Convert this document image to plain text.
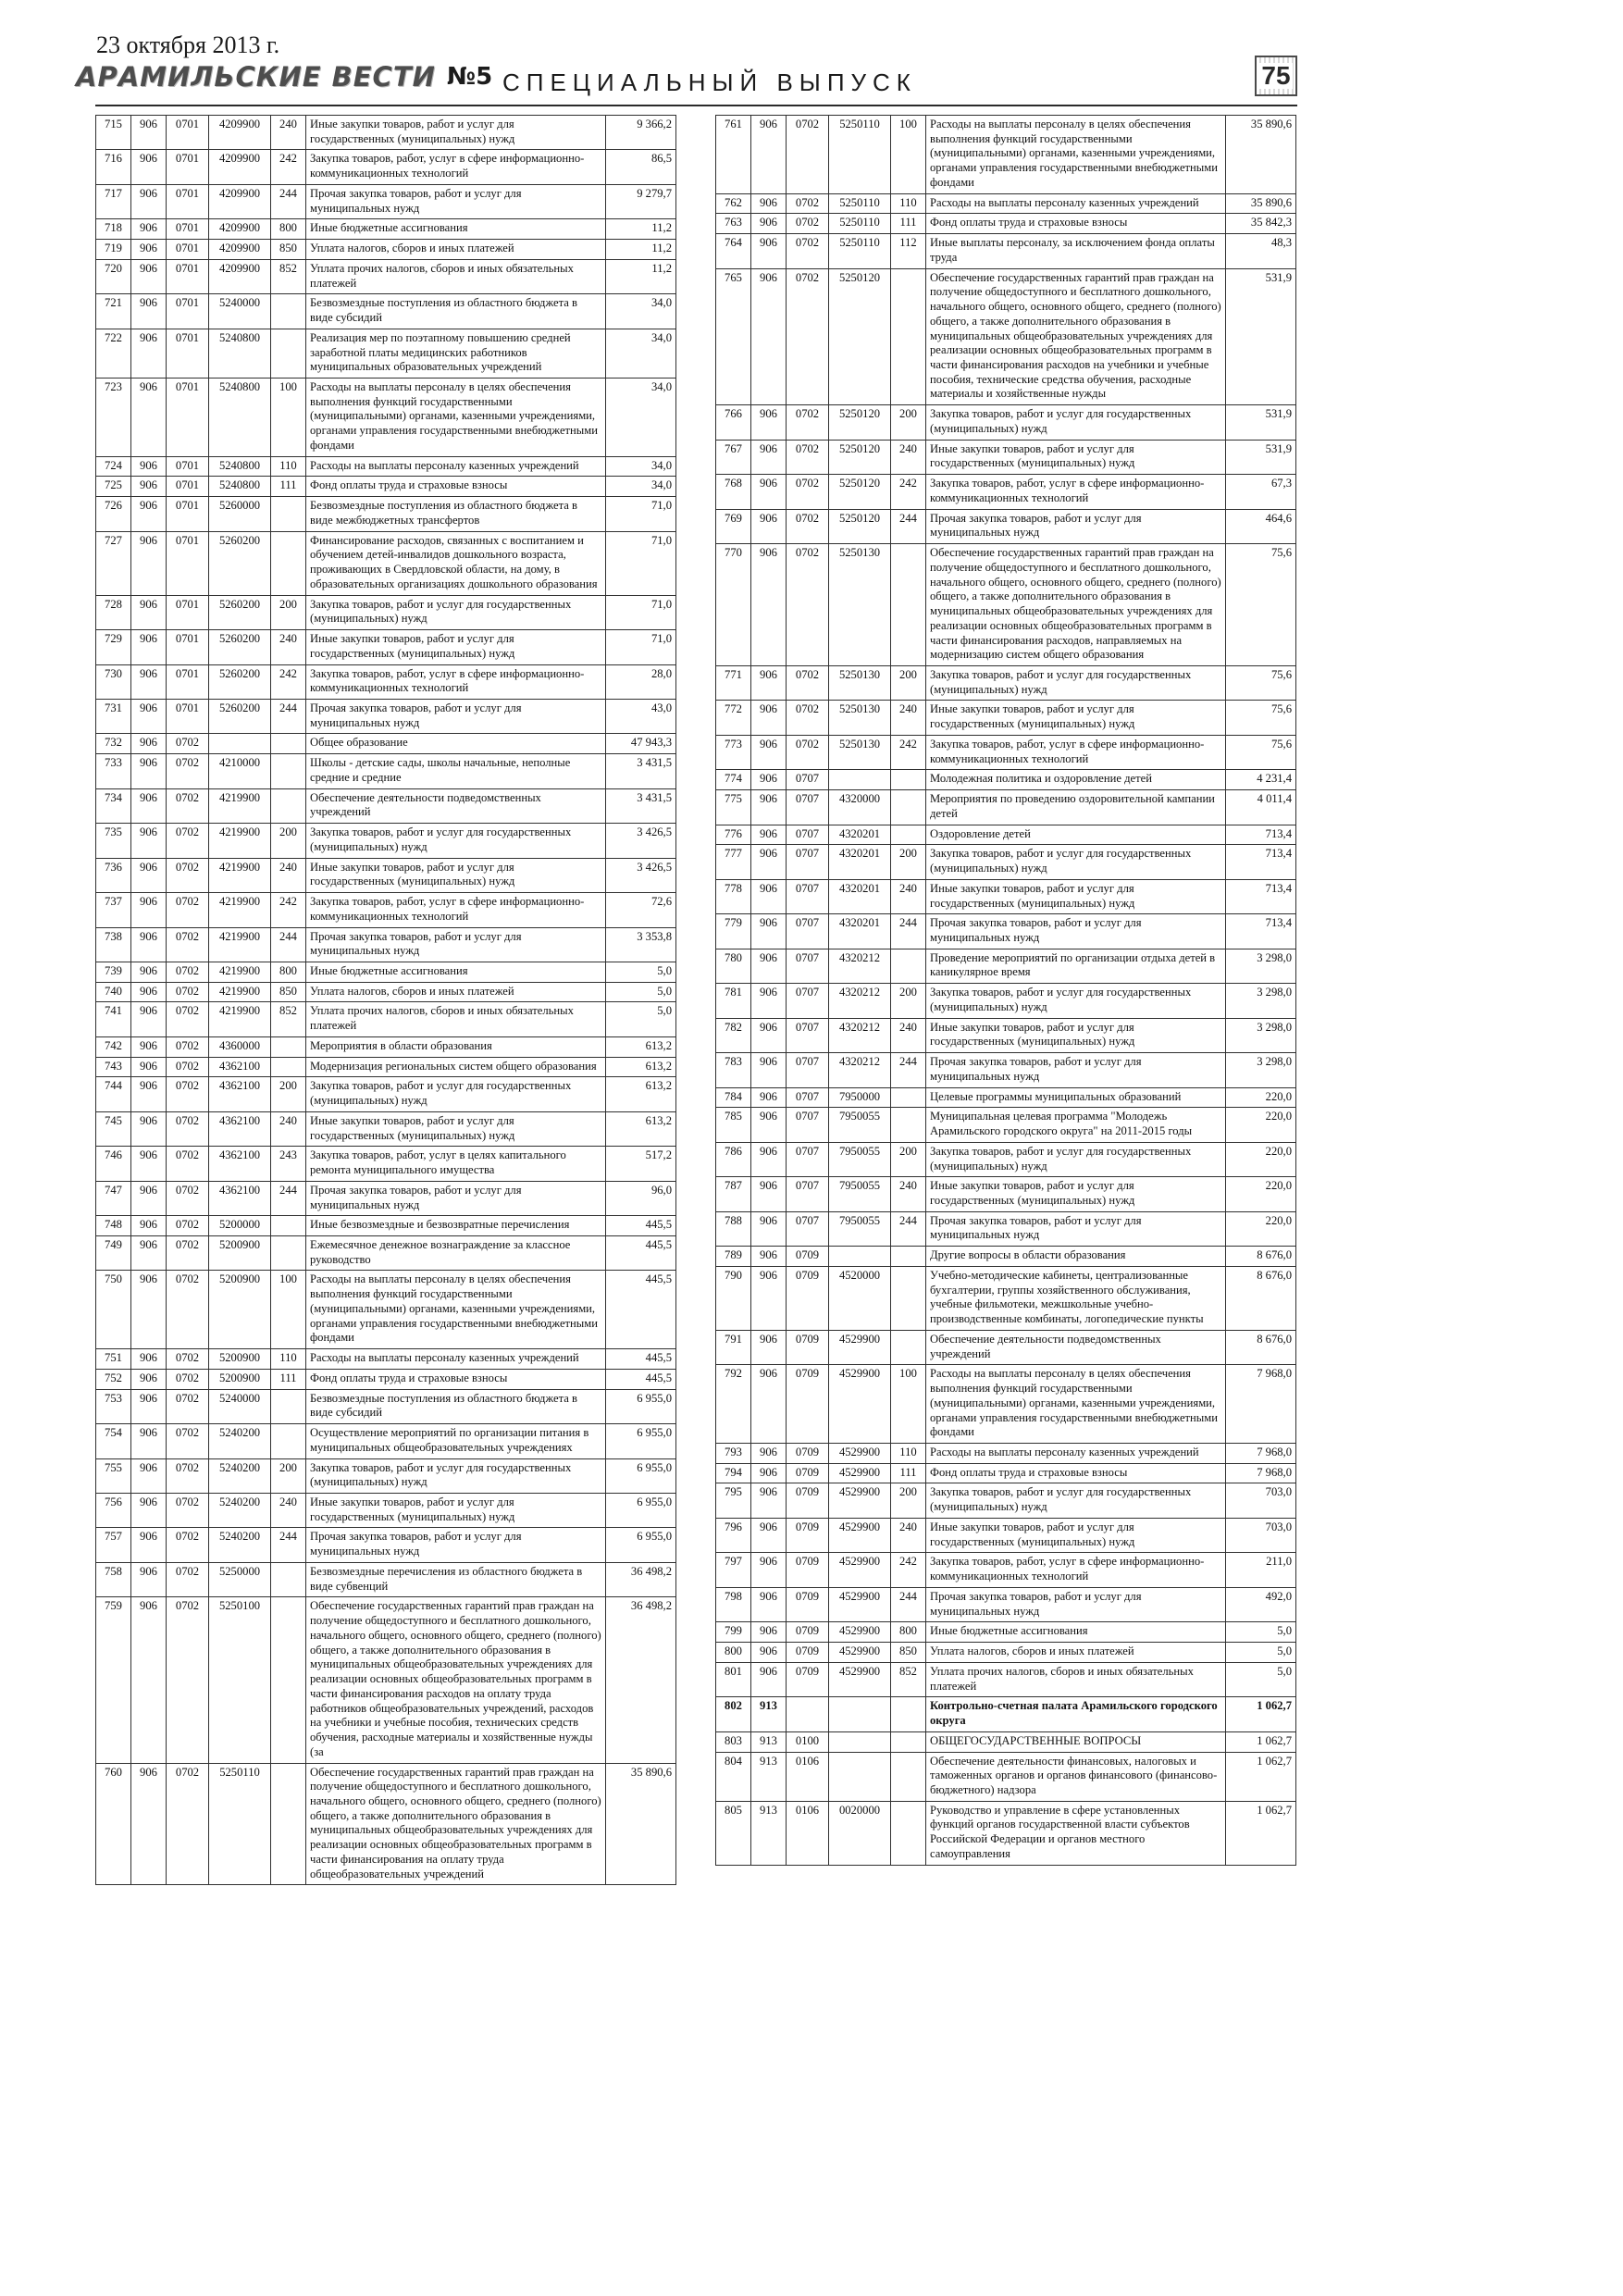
23 октября 2013 г.
АРАМИЛЬСКИЕ ВЕСТИ №5 СПЕЦИАЛЬНЫЙ ВЫПУСК	75
715	906	0701	4209900	240	Иные закупки товаров, работ и услуг для государственных (муниципальных) нужд	9 366,2
716	906	0701	4209900	242	Закупка товаров, работ, услуг в сфере информационно-коммуникационных технологий	86,5
717	906	0701	4209900	244	Прочая закупка товаров, работ и услуг для муниципальных нужд	9 279,7
718	906	0701	4209900	800	Иные бюджетные ассигнования	11,2
719	906	0701	4209900	850	Уплата налогов, сборов и иных платежей	11,2
720	906	0701	4209900	852	Уплата прочих налогов, сборов и иных обязательных платежей	11,2
721	906	0701	5240000		Безвозмездные поступления из областного бюджета в виде субсидий	34,0
722	906	0701	5240800		Реализация мер по поэтапному повышению средней заработной платы медицинских работников муниципальных образовательных учреждений	34,0
723	906	0701	5240800	100	Расходы на выплаты персоналу в целях обеспечения выполнения функций государственными (муниципальными) органами, казенными учреждениями, органами управления государственными внебюджетными фондами	34,0
724	906	0701	5240800	110	Расходы на выплаты персоналу казенных учреждений	34,0
725	906	0701	5240800	111	Фонд оплаты труда и страховые взносы	34,0
726	906	0701	5260000		Безвозмездные поступления из областного бюджета в виде межбюджетных трансфертов	71,0
727	906	0701	5260200		Финансирование расходов, связанных с воспитанием и обучением детей-инвалидов дошкольного возраста, проживающих в Свердловской области, на дому, в образовательных организациях дошкольного образования	71,0
728	906	0701	5260200	200	Закупка товаров, работ и услуг для государственных (муниципальных) нужд	71,0
729	906	0701	5260200	240	Иные закупки товаров, работ и услуг для государственных (муниципальных) нужд	71,0
730	906	0701	5260200	242	Закупка товаров, работ, услуг в сфере информационно-коммуникационных технологий	28,0
731	906	0701	5260200	244	Прочая закупка товаров, работ и услуг для муниципальных нужд	43,0
732	906	0702			Общее образование	47 943,3
733	906	0702	4210000		Школы - детские сады, школы начальные, неполные средние и средние	3 431,5
734	906	0702	4219900		Обеспечение деятельности подведомственных учреждений	3 431,5
735	906	0702	4219900	200	Закупка товаров, работ и услуг для государственных (муниципальных) нужд	3 426,5
736	906	0702	4219900	240	Иные закупки товаров, работ и услуг для государственных (муниципальных) нужд	3 426,5
737	906	0702	4219900	242	Закупка товаров, работ, услуг в сфере информационно-коммуникационных технологий	72,6
738	906	0702	4219900	244	Прочая закупка товаров, работ и услуг для муниципальных нужд	3 353,8
739	906	0702	4219900	800	Иные бюджетные ассигнования	5,0
740	906	0702	4219900	850	Уплата налогов, сборов и иных платежей	5,0
741	906	0702	4219900	852	Уплата прочих налогов, сборов и иных обязательных платежей	5,0
742	906	0702	4360000		Мероприятия в области образования	613,2
743	906	0702	4362100		Модернизация региональных систем общего образования	613,2
744	906	0702	4362100	200	Закупка товаров, работ и услуг для государственных (муниципальных) нужд	613,2
745	906	0702	4362100	240	Иные закупки товаров, работ и услуг для государственных (муниципальных) нужд	613,2
746	906	0702	4362100	243	Закупка товаров, работ, услуг в целях капитального ремонта муниципального имущества	517,2
747	906	0702	4362100	244	Прочая закупка товаров, работ и услуг для муниципальных нужд	96,0
748	906	0702	5200000		Иные безвозмездные и безвозвратные перечисления	445,5
749	906	0702	5200900		Ежемесячное денежное вознаграждение за классное руководство	445,5
750	906	0702	5200900	100	Расходы на выплаты персоналу в целях обеспечения выполнения функций государственными (муниципальными) органами, казенными учреждениями, органами управления государственными внебюджетными фондами	445,5
751	906	0702	5200900	110	Расходы на выплаты персоналу казенных учреждений	445,5
752	906	0702	5200900	111	Фонд оплаты труда и страховые взносы	445,5
753	906	0702	5240000		Безвозмездные поступления из областного бюджета в виде субсидий	6 955,0
754	906	0702	5240200		Осуществление мероприятий по организации питания в муниципальных общеобразовательных учреждениях	6 955,0
755	906	0702	5240200	200	Закупка товаров, работ и услуг для государственных (муниципальных) нужд	6 955,0
756	906	0702	5240200	240	Иные закупки товаров, работ и услуг для государственных (муниципальных) нужд	6 955,0
757	906	0702	5240200	244	Прочая закупка товаров, работ и услуг для муниципальных нужд	6 955,0
758	906	0702	5250000		Безвозмездные перечисления из областного бюджета в виде субвенций	36 498,2
759	906	0702	5250100		Обеспечение государственных гарантий прав граждан на получение общедоступного и бесплатного дошкольного, начального общего, основного общего, среднего (полного) общего, а также дополнительного образования в муниципальных общеобразовательных учреждениях для реализации основных общеобразовательных программ в части финансирования расходов на оплату труда работников общеобразовательных учреждений, расходов на учебники и учебные пособия, технических средств обучения, расходные материалы и хозяйственные нужды (за	36 498,2
760	906	0702	5250110		Обеспечение государственных гарантий прав граждан на получение общедоступного и бесплатного дошкольного, начального общего, основного общего, среднего (полного) общего, а также дополнительного образования в муниципальных общеобразовательных учреждениях для реализации основных общеобразовательных программ в части финансирования на оплату труда общеобразовательных учреждений	35 890,6
761	906	0702	5250110	100	Расходы на выплаты персоналу в целях обеспечения выполнения функций государственными (муниципальными) органами, казенными учреждениями, органами управления государственными внебюджетными фондами	35 890,6
762	906	0702	5250110	110	Расходы на выплаты персоналу казенных учреждений	35 890,6
763	906	0702	5250110	111	Фонд оплаты труда и страховые взносы	35 842,3
764	906	0702	5250110	112	Иные выплаты персоналу, за исключением фонда оплаты труда	48,3
765	906	0702	5250120		Обеспечение государственных гарантий прав граждан на получение общедоступного и бесплатного дошкольного, начального общего, основного общего, среднего (полного) общего, а также дополнительного образования в муниципальных общеобразовательных учреждениях для реализации основных общеобразовательных программ в части финансирования расходов на учебники и учебные пособия, технические средства обучения, расходные материалы и хозяйственные нужды	531,9
766	906	0702	5250120	200	Закупка товаров, работ и услуг для государственных (муниципальных) нужд	531,9
767	906	0702	5250120	240	Иные закупки товаров, работ и услуг для государственных (муниципальных) нужд	531,9
768	906	0702	5250120	242	Закупка товаров, работ, услуг в сфере информационно-коммуникационных технологий	67,3
769	906	0702	5250120	244	Прочая закупка товаров, работ и услуг для муниципальных нужд	464,6
770	906	0702	5250130		Обеспечение государственных гарантий прав граждан на получение общедоступного и бесплатного дошкольного, начального общего, основного общего, среднего (полного) общего, а также дополнительного образования в муниципальных общеобразовательных учреждениях для реализации основных общеобразовательных программ в части финансирования расходов, направляемых на модернизацию систем общего образования	75,6
771	906	0702	5250130	200	Закупка товаров, работ и услуг для государственных (муниципальных) нужд	75,6
772	906	0702	5250130	240	Иные закупки товаров, работ и услуг для государственных (муниципальных) нужд	75,6
773	906	0702	5250130	242	Закупка товаров, работ, услуг в сфере информационно-коммуникационных технологий	75,6
774	906	0707			Молодежная политика и оздоровление детей	4 231,4
775	906	0707	4320000		Мероприятия по проведению оздоровительной кампании детей	4 011,4
776	906	0707	4320201		Оздоровление детей	713,4
777	906	0707	4320201	200	Закупка товаров, работ и услуг для государственных (муниципальных) нужд	713,4
778	906	0707	4320201	240	Иные закупки товаров, работ и услуг для государственных (муниципальных) нужд	713,4
779	906	0707	4320201	244	Прочая закупка товаров, работ и услуг для муниципальных нужд	713,4
780	906	0707	4320212		Проведение мероприятий по организации отдыха детей в каникулярное время	3 298,0
781	906	0707	4320212	200	Закупка товаров, работ и услуг для государственных (муниципальных) нужд	3 298,0
782	906	0707	4320212	240	Иные закупки товаров, работ и услуг для государственных (муниципальных) нужд	3 298,0
783	906	0707	4320212	244	Прочая закупка товаров, работ и услуг для муниципальных нужд	3 298,0
784	906	0707	7950000		Целевые программы муниципальных образований	220,0
785	906	0707	7950055		Муниципальная целевая программа "Молодежь Арамильского городского округа" на 2011-2015 годы	220,0
786	906	0707	7950055	200	Закупка товаров, работ и услуг для государственных (муниципальных) нужд	220,0
787	906	0707	7950055	240	Иные закупки товаров, работ и услуг для государственных (муниципальных) нужд	220,0
788	906	0707	7950055	244	Прочая закупка товаров, работ и услуг для муниципальных нужд	220,0
789	906	0709			Другие вопросы в области образования	8 676,0
790	906	0709	4520000		Учебно-методические кабинеты, централизованные бухгалтерии, группы хозяйственного обслуживания, учебные фильмотеки, межшкольные учебно-производственные комбинаты, логопедические пункты	8 676,0
791	906	0709	4529900		Обеспечение деятельности подведомственных учреждений	8 676,0
792	906	0709	4529900	100	Расходы на выплаты персоналу в целях обеспечения выполнения функций государственными (муниципальными) органами, казенными учреждениями, органами управления государственными внебюджетными фондами	7 968,0
793	906	0709	4529900	110	Расходы на выплаты персоналу казенных учреждений	7 968,0
794	906	0709	4529900	111	Фонд оплаты труда и страховые взносы	7 968,0
795	906	0709	4529900	200	Закупка товаров, работ и услуг для государственных (муниципальных) нужд	703,0
796	906	0709	4529900	240	Иные закупки товаров, работ и услуг для государственных (муниципальных) нужд	703,0
797	906	0709	4529900	242	Закупка товаров, работ, услуг в сфере информационно-коммуникационных технологий	211,0
798	906	0709	4529900	244	Прочая закупка товаров, работ и услуг для муниципальных нужд	492,0
799	906	0709	4529900	800	Иные бюджетные ассигнования	5,0
800	906	0709	4529900	850	Уплата налогов, сборов и иных платежей	5,0
801	906	0709	4529900	852	Уплата прочих налогов, сборов и иных обязательных платежей	5,0
802	913				Контрольно-счетная палата Арамильского городского округа	1 062,7
803	913	0100			ОБЩЕГОСУДАРСТВЕННЫЕ ВОПРОСЫ	1 062,7
804	913	0106			Обеспечение деятельности финансовых, налоговых и таможенных органов и органов финансового (финансово-бюджетного) надзора	1 062,7
805	913	0106	0020000		Руководство и управление в сфере установленных функций органов государственной власти субъектов Российской Федерации и органов местного самоуправления	1 062,7
